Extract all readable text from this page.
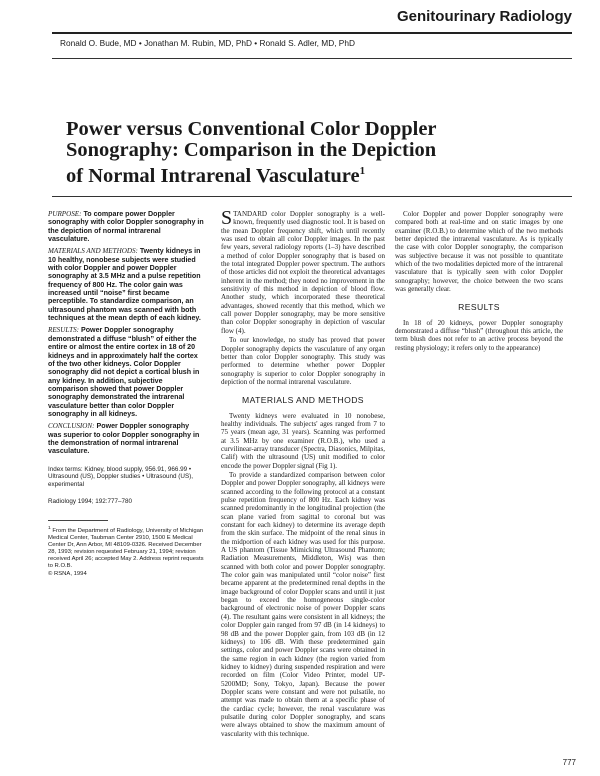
Genitourinary Radiology
Ronald O. Bude, MD • Jonathan M. Rubin, MD, PhD • Ronald S. Adler, MD, PhD
Power versus Conventional Color Doppler
Sonography: Comparison in the Depiction
of Normal Intrarenal Vasculature$^1$

PURPOSE: To compare power Doppler sonography with color Doppler sonography in the depiction of normal intrarenal vasculature.

MATERIALS AND METHODS: Twenty kidneys in 10 healthy, nonobese subjects were studied with color Doppler and power Doppler sonography at 3.5 MHz and a pulse repetition frequency of 800 Hz. The color gain was increased until “noise” first became perceptible. To standardize comparison, an ultrasound phantom was scanned with both techniques at the mean depth of each kidney.

RESULTS: Power Doppler sonography demonstrated a diffuse “blush” of either the entire or almost the entire cortex in 18 of 20 kidneys and in approximately half the cortex of the two other kidneys. Color Doppler sonography did not depict a cortical blush in any kidney. In addition, subjective comparison showed that power Doppler sonography demonstrated the intrarenal vasculature better than color Doppler sonography in all kidneys.

CONCLUSION: Power Doppler sonography was superior to color Doppler sonography in the demonstration of normal intrarenal vasculature.

Index terms: Kidney, blood supply, 956.91, 966.99 • Ultrasound (US), Doppler studies • Ultrasound (US), experimental

Radiology 1994; 192:777–780

$^1$ From the Department of Radiology, University of Michigan Medical Center, Taubman Center 2910, 1500 E Medical Center Dr, Ann Arbor, MI 48109-0326. Received December 28, 1993; revision requested February 21, 1994; revision received April 26; accepted May 2. Address reprint requests to R.O.B.

© RSNA, 1994

STANDARD color Doppler sonography is a well-known, frequently used diagnostic tool. It is based on the mean Doppler frequency shift, which until recently was used to obtain all color Doppler images. In the past few years, several radiology reports (1–3) have described a method of color Doppler sonography that is based on the total integrated Doppler power spectrum. The authors of those articles did not exploit the theoretical advantages inherent in the method; they noted no improvement in the sensitivity of this method in depiction of blood flow. Another study, which incorporated these theoretical advantages, showed recently that this method, which we call power Doppler sonography, may be more sensitive than color Doppler sonography in depiction of vascular flow (4).

To our knowledge, no study has proved that power Doppler sonography depicts the vasculature of any organ better than color Doppler sonography. This study was performed to determine whether power Doppler sonography is superior to color Doppler sonography in depiction of the normal intrarenal vasculature.

MATERIALS AND METHODS

Twenty kidneys were evaluated in 10 nonobese, healthy individuals. The subjects' ages ranged from 7 to 75 years (mean age, 31 years). Scanning was performed at 3.5 MHz by one examiner (R.O.B.), who used a curvilinear-array transducer (Spectra, Diasonics, Milpitas, Calif) with the ultrasound (US) unit modified to color encode the power Doppler signal (Fig 1).

To provide a standardized comparison between color Doppler and power Doppler sonography, all kidneys were scanned according to the following protocol at a constant pulse repetition frequency of 800 Hz. Each kidney was scanned predominantly in the longitudinal projection (the scan plane varied from sagittal to coronal but was constant for each kidney) to determine its average depth from the skin surface. The midpoint of the renal sinus in the midportion of each kidney was used for this purpose. A US phantom (Tissue Mimicking Ultrasound Phantom; Radiation Measurements, Middleton, Wis) was then scanned with both color and power Doppler sonography. The color gain was manipulated until “color noise” first became apparent at the predetermined renal depths in the image background of color Doppler scans and until it just began to exceed the homogeneous single-color background of electronic noise of power Doppler scans (4). The resultant gains were consistent in all kidneys; the color Doppler gain ranged from 97 dB (in 14 kidneys) to 98 dB and the power Doppler gain, from 103 dB (in 12 kidneys) to 106 dB. With these predetermined gain settings, color and power Doppler scans were obtained in the same region in each kidney (the region varied from kidney to kidney) during suspended respiration and were recorded on film (Color Video Printer, model UP-5200MD; Sony, Tokyo, Japan). Because the power Doppler scans were constant and were not pulsatile, no attempt was made to obtain them at a specific phase of the cardiac cycle; however, the renal vasculature was pulsatile during color Doppler sonography, and scans were always obtained to show the maximum amount of vascularity with this technique.

Color Doppler and power Doppler sonography were compared both at real-time and on static images by one examiner (R.O.B.) to determine which of the two methods better depicted the intrarenal vasculature. As is typically the case with color Doppler sonography, the comparison was subjective because it was not possible to quantitate which of the two modalities depicted more of the intrarenal vasculature that is typically seen with color Doppler sonography; however, the choice between the two scans was generally clear.

RESULTS

In 18 of 20 kidneys, power Doppler sonography demonstrated a diffuse “blush” (throughout this article, the term blush does not refer to an active process beyond the resting physiology; it refers only to the appearance)

777
